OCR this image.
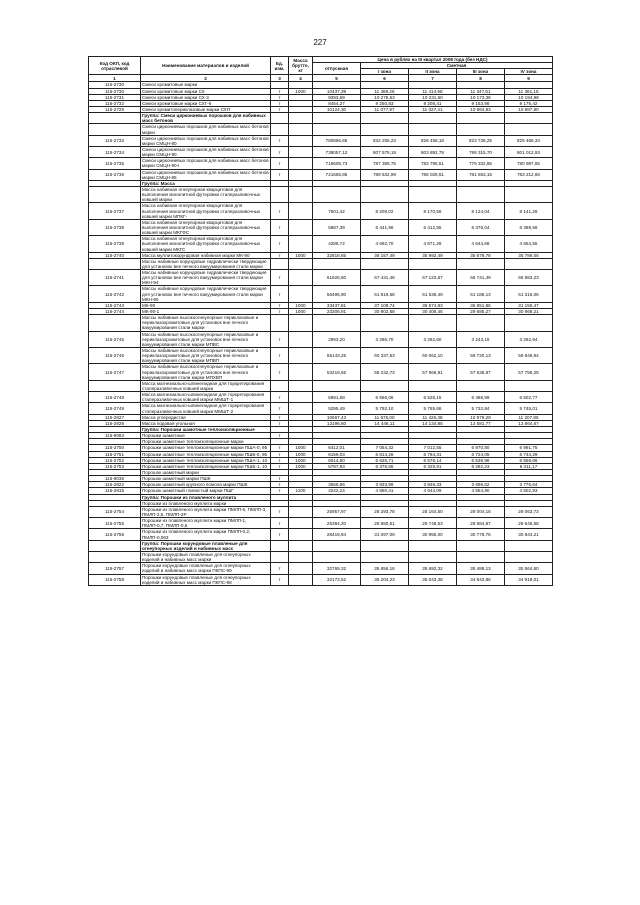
227
Код ОКП, код отраслевой	Наименование материалов и изделий	Ед. изм.	Масса брутто, кг	Цена в рублях на III квартал 2008 года (без НДС)				
				отпускная	Сметная			
					I зона	II зона	III зона	IV зона
1	2	3	4	5	6	7	8	9
115-2730	Смеси хромитовые марки							
115-2730	Смеси хромитовые марки СХ	т	1000	10437,39	11 469,26	11 414,98	11 347,61	11 381,15
115-2731	Смеси хромитовые марки СХ-3	т		9393,69	10 278,53	10 231,60	10 173,38	10 194,98
115-2732	Смеси хромитовые марки СХГ-6	т		8454,27	9 250,83	9 208,41	9 153,98	9 175,42
115-2729	Смеси хромитопериклазовые марки СХП	т		10124,30	11 077,97	11 027,41	10 964,83	10 987,90
	Группа: Смеси циркониевых порошков для набивных масс бетонов							
	Смеси циркониевых порошков для набивных масс бетонов марки							
115-2733	Смеси циркониевых порошков для набивных масс бетонов марки СМЦН-80	т		760856,66	832 255,23	828 458,18	823 739,25	825 468,34
115-2734	Смеси циркониевых порошков для набивных масс бетонов марки СМЦН-90	т		738057,12	807 579,19	803 892,78	799 315,70	801 012,93
115-2735	Смеси циркониевых порошков для набивных масс бетонов марки СМЦН-90-I	т		719605,73	787 389,75	783 795,51	779 332,86	780 987,65
115-2736	Смеси циркониевых порошков для набивных масс бетонов марки СМЦН-85	т		721655,86	789 632,99	786 028,51	781 553,15	783 212,66
	Группа: Масса							
	Масса набивная огнеупорная кварцитовая для выполнения монолитной футеровки сталеразливочных ковшей марки							
115-2737	Масса набивная огнеупорная кварцитовая для выполнения монолитной футеровки сталеразливочных ковшей марки МПКГ-	т		7501,42	8 208,02	8 170,56	8 124,04	8 141,29
115-2738	Масса набивная огнеупорная кварцитовая для выполнения монолитной футеровки сталеразливочных ковшей марки МКГФС	т		5887,39	6 441,96	6 412,55	6 376,04	6 389,58
115-2739	Масса набивная огнеупорная кварцитовая для выполнения монолитной футеровки сталеразливочных ковшей марки МКГС	т		4288,72	4 692,70	4 671,28	4 644,68	4 654,55
115-2740	Масса муллитокорундовая набивная марки МК-90	т	1000	32818,65	36 157,49	35 992,49	35 678,78	35 786,06
	Массы набивные корундовые гидравлически твердеющие для установок вне печного вакуумирования стали марки							
115-2741	Массы набивные корундовые гидравлически твердеющие для установок вне печного вакуумирования стали марки МКН-94	т		61626,50	67 431,48	67 123,67	66 741,49	66 883,23
115-2742	Массы набивные корундовые гидравлически твердеющие для установок вне печного вакуумирования стали марки МКН-90	т		56496,90	61 819,58	61 536,49	61 186,13	61 316,06
115-2743	МК-90	т	1000	33437,81	37 108,74	36 574,83	36 851,86	31 156,47
115-2744	МК-90-1	т	1000	23306,91	30 902,68	30 406,46	29 685,27	30 968,21
	Массы набивные высокоогнеупорные периклазовые и периклазохромитовые для установок вне печного вакуумирования стали марки							
115-2745	Массы набивные высокоогнеупорные периклазовые и периклазохромитовые для установок вне печного вакуумирования стали марки МПВС	т		2993,20	3 286,70	3 262,60	3 243,16	3 262,94
115-2746	Массы набивные высокоогнеупорные периклазовые и периклазохромитовые для установок вне печного вакуумирования стали марки МПВП	т		55143,25	60 337,53	60 062,10	59 720,13	59 846,94
115-2747	Массы набивные высокоогнеупорные периклазовые и периклазохромитовые для установок вне печного вакуумирования стали марки МПХВП	т		53219,65	58 232,73	57 966,91	57 636,87	57 759,25
	Масса магнезиально-шпинелидная для торкретирования сталеразливочных ковшей марки							
115-2748	Масса магнезиально-шпинелидная для торкретирования сталеразливочных ковшей марки ММШТ-1	т		5991,58	6 556,06	6 526,15	6 488,99	6 502,77
115-2749	Масса магнезиально-шпинелидная для торкретирования сталеразливочных ковшей марки ММШТ-2	т		5295,49	5 792,10	5 765,66	5 732,84	5 745,01
115-2827	Масса углеродистая	т		10667,43	11 676,00	11 426,38	10 979,29	11 207,85
115-2826	Масса подовая угольная	т		13196,60	14 446,11	14 134,85	13 581,77	13 864,67
	Группа: Порошки шамотные теплоизоляционные							
115-9063	Порошки шамотные	т						
	Порошки шамотные теплоизоляционные марки							
115-2750	Порошки шамотные теплоизоляционные марки ПША-0, 95	т	1000	6412,01	7 054,32	7 012,55	6 970,80	6 991,75
115-2751	Порошки шамотные теплоизоляционные марки ПШБ-0, 95	т	1000	6159,03	6 814,26	6 764,31	6 724,05	6 744,29
115-2752	Порошки шамотные теплоизоляционные марки ПША-1, 10	т	1000	6014,80	6 626,71	6 578,14	6 538,98	6 558,66
115-2753	Порошки шамотные теплоизоляционные марки ПШБ-1, 10	т	1000	5787,93	6 376,65	6 329,91	6 292,23	6 311,17
	Порошок шамотный марки							
115-9036	Порошок шамотный марки ПШК	т						
115-2822	Порошок шамотный крупного помола марки ПШК	т		3565,56	3 933,99	3 849,33	3 698,62	3 776,64
115-2815	Порошок шамотный глинистый марки ПШГ	т	1100	4242,24	4 850,41	4 644,09	4 554,90	4 502,93
	Группа: Порошки из плавленого муллита							
	Порошки из плавленого муллита марки							
115-2754	Порошки из плавленого муллита марки ПМЛП-5, ПМЛП-3, ПМЛП-2,5, ПМЛП-2Р	т		25957,97	28 293,78	28 164,50	28 004,16	28 063,73
115-2755	Порошки из плавленого муллита марки ПМЛП-1, ПМЛП-0,7, ПМЛП-0,5	т		26384,20	28 880,51	28 748,53	28 584,87	28 645,68
115-2756	Порошки из плавленого муллита марки ПМЛП-0,2; ПМЛП-0,063	т		28419,94	31 097,09	30 955,00	30 778,76	30 844,21
	Группа: Порошки корундовые плавленые для огнеупорных изделий и набивных масс							
	Порошки корундовые плавленые для огнеупорных изделий и набивных масс марки							
115-2757	Порошки корундовые плавленые для огнеупорных изделий и набивных масс марки ПКПС-99	т		32769,32	35 856,16	35 692,32	35 489,13	35 564,60
115-2758	Порошки корундовые плавленые для огнеупорных изделий и набивных масс марки ПКПС-98	т		32173,52	35 204,23	35 043,38	34 843,86	34 918,01
